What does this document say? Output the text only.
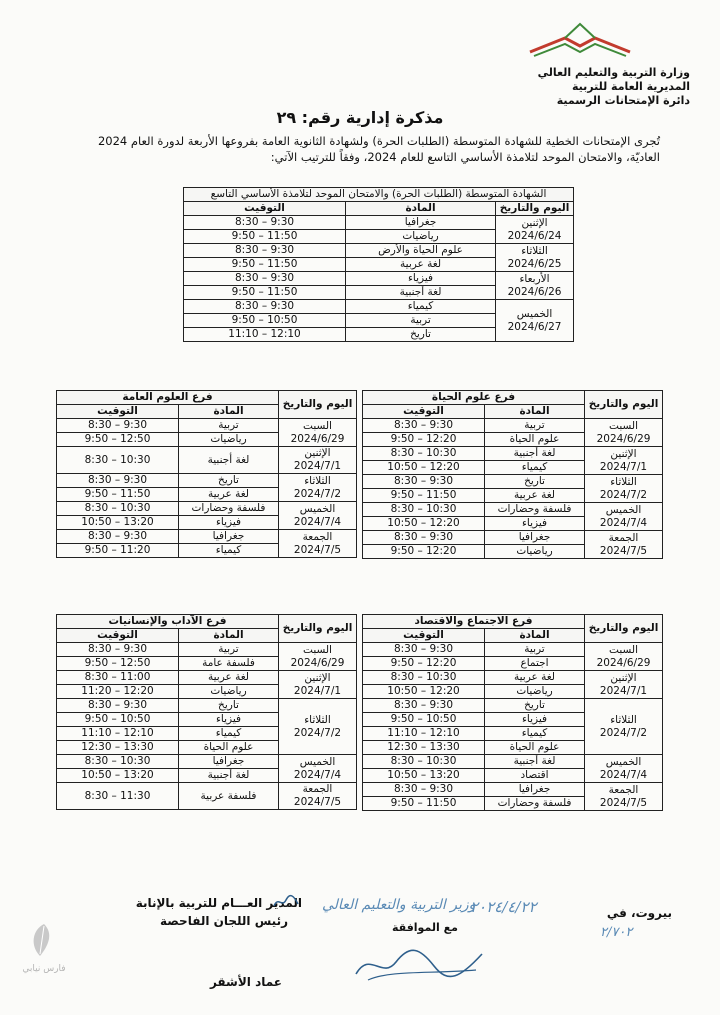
وزارة التربية والتعليم العالي
المديرية العامة للتربية
دائرة الإمتحانات الرسمية
مذكرة إدارية رقم: ٢٩
تُجرى الإمتحانات الخطية للشهادة المتوسطة (الطلبات الحرة) ولشهادة الثانوية العامة بفروعها الأربعة لدورة العام 2024 العاديّة، والامتحان الموحد لتلامذة الأساسي التاسع للعام 2024، وفقاً للترتيب الآتي:
الشهادة المتوسطة (الطلبات الحرة) والامتحان الموحد لتلامذة الأساسي التاسع		
اليوم والتاريخ	المادة	التوقيت

الإثنين
2024/6/24	جغرافيا	8:30 – 9:30
	رياضيات	9:50 – 11:50

الثلاثاء
2024/6/25	علوم الحياة والأرض	8:30 – 9:30
	لغة عربية	9:50 – 11:50

الأربعاء
2024/6/26	فيزياء	8:30 – 9:30
	لغة أجنبية	9:50 – 11:50

الخميس
2024/6/27	كيمياء	8:30 – 9:30
	تربية	9:50 – 10:50
	تاريخ	11:10 – 12:10
اليوم والتاريخ	فرع علوم الحياة	
	المادة	التوقيت

السبت
2024/6/29	تربية	8:30 – 9:30
	علوم الحياة	9:50 – 12:20

الإثنين
2024/7/1	لغة أجنبية	8:30 – 10:30
	كيمياء	10:50 – 12:20

الثلاثاء
2024/7/2	تاريخ	8:30 – 9:30
	لغة عربية	9:50 – 11:50

الخميس
2024/7/4	فلسفة وحضارات	8:30 – 10:30
	فيزياء	10:50 – 12:20

الجمعة
2024/7/5	جغرافيا	8:30 – 9:30
	رياضيات	9:50 – 12:20
اليوم والتاريخ	فرع العلوم العامة	
	المادة	التوقيت

السبت
2024/6/29	تربية	8:30 – 9:30
	رياضيات	9:50 – 12:50

الإثنين
2024/7/1	لغة أجنبية	8:30 – 10:30

الثلاثاء
2024/7/2	تاريخ	8:30 – 9:30
	لغة عربية	9:50 – 11:50

الخميس
2024/7/4	فلسفة وحضارات	8:30 – 10:30
	فيزياء	10:50 – 13:20

الجمعة
2024/7/5	جغرافيا	8:30 – 9:30
	كيمياء	9:50 – 11:20
اليوم والتاريخ	فرع الاجتماع والاقتصاد	
	المادة	التوقيت

السبت
2024/6/29	تربية	8:30 – 9:30
	اجتماع	9:50 – 12:20

الإثنين
2024/7/1	لغة عربية	8:30 – 10:30
	رياضيات	10:50 – 12:20

الثلاثاء
2024/7/2	تاريخ	8:30 – 9:30
	فيزياء	9:50 – 10:50
	كيمياء	11:10 – 12:10
	علوم الحياة	12:30 – 13:30

الخميس
2024/7/4	لغة أجنبية	8:30 – 10:30
	اقتصاد	10:50 – 13:20

الجمعة
2024/7/5	جغرافيا	8:30 – 9:30
	فلسفة وحضارات	9:50 – 11:50
اليوم والتاريخ	فرع الآداب والإنسانيات	
	المادة	التوقيت

السبت
2024/6/29	تربية	8:30 – 9:30
	فلسفة عامة	9:50 – 12:50

الإثنين
2024/7/1	لغة عربية	8:30 – 11:00
	رياضيات	11:20 – 12:20

الثلاثاء
2024/7/2	تاريخ	8:30 – 9:30
	فيزياء	9:50 – 10:50
	كيمياء	11:10 – 12:10
	علوم الحياة	12:30 – 13:30

الخميس
2024/7/4	جغرافيا	8:30 – 10:30
	لغة أجنبية	10:50 – 13:20

الجمعة
2024/7/5	فلسفة عربية	8:30 – 11:30
بيروت، في
٢٠٢٤/٤/٢٢
وزير التربية والتعليم العالي
مع الموافقة	٢/٧٠٢
المدير العـــام للتربية بالإنابة
رئيس اللجان الفاحصة
عماد الأشقر
فارس نيابي
